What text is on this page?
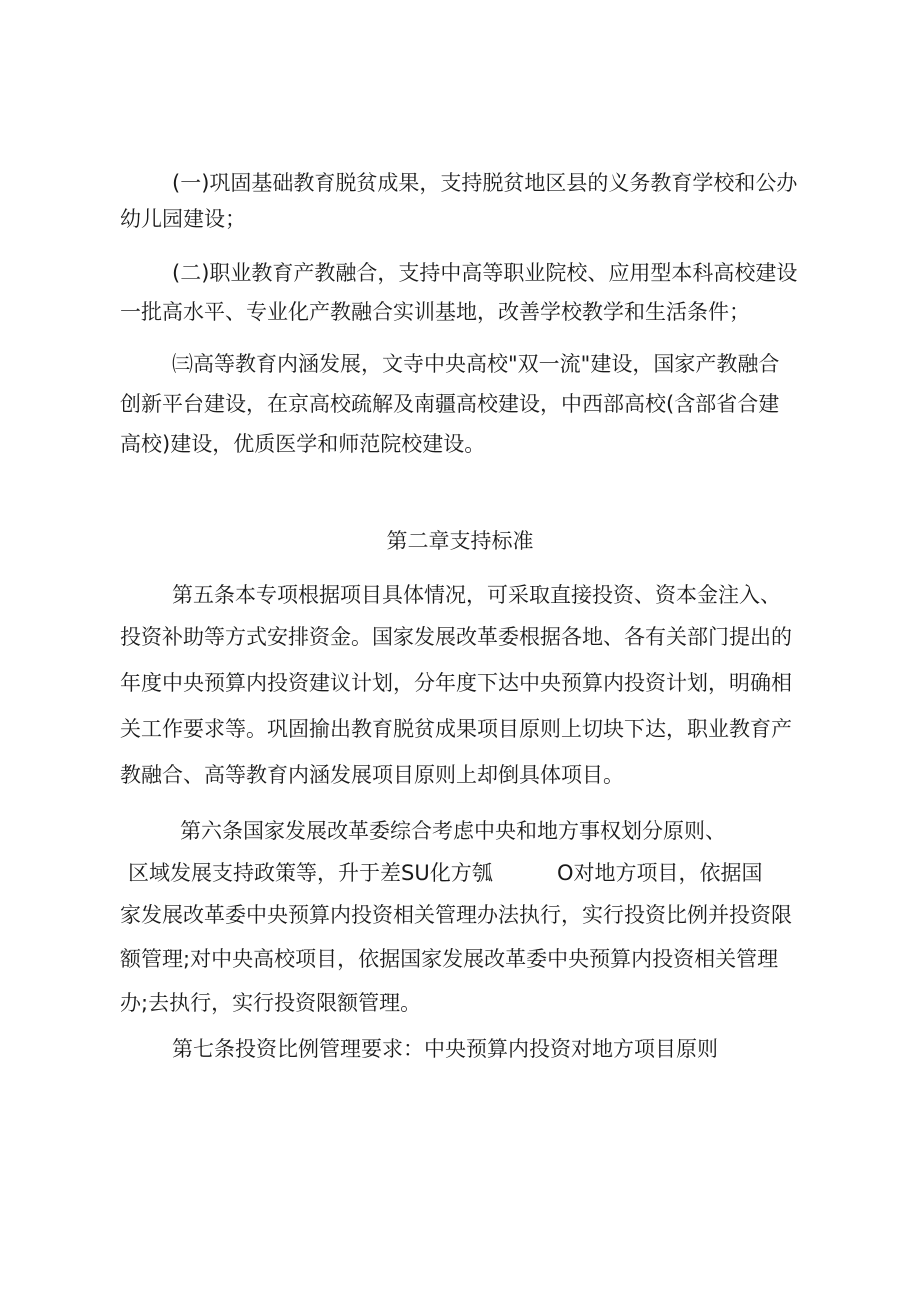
(一)巩固基础教育脱贫成果，支持脱贫地区县的义务教育学校和公办
幼儿园建设；
(二)职业教育产教融合，支持中高等职业院校、应用型本科高校建设
一批高水平、专业化产教融合实训基地，改善学校教学和生活条件；
㈢高等教育内涵发展，文寺中央高校"双一流"建设，国家产教融合
创新平台建设，在京高校疏解及南疆高校建设，中西部高校(含部省合建
高校)建设，优质医学和师范院校建设。
第二章支持标准
第五条本专项根据项目具体情况，可采取直接投资、资本金注入、
投资补助等方式安排资金。国家发展改革委根据各地、各有关部门提出的
年度中央预算内投资建议计划，分年度下达中央预算内投资计划，明确相
关工作要求等。巩固揄出教育脱贫成果项目原则上切块下达，职业教育产
教融合、高等教育内涵发展项目原则上却倒具体项目。
第六条国家发展改革委综合考虑中央和地方事权划分原则、
区域发展支持政策等，升于差SU化方瓠	O对地方项目，依据国
家发展改革委中央预算内投资相关管理办法执行，实行投资比例并投资限
额管理;对中央高校项目，依据国家发展改革委中央预算内投资相关管理
办;去执行，实行投资限额管理。
第七条投资比例管理要求：中央预算内投资对地方项目原则
